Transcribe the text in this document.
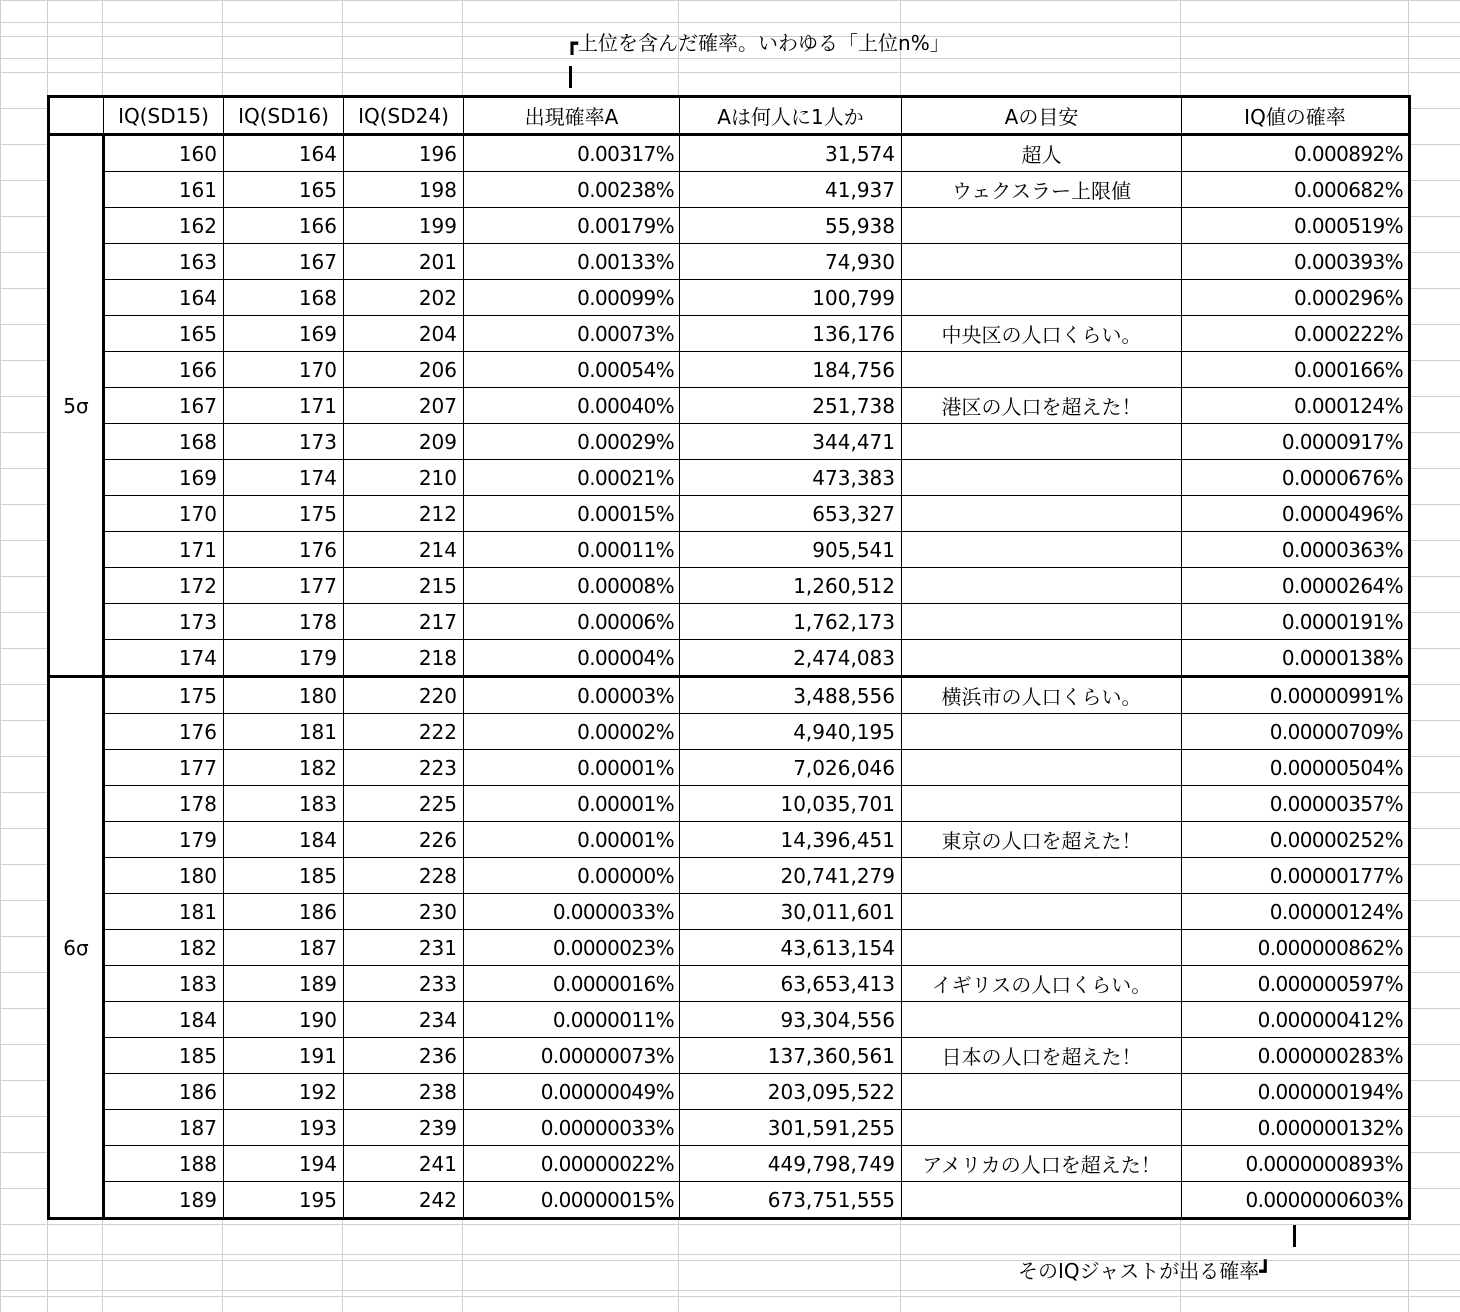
┏上位を含んだ確率。いわゆる「上位n%」
そのIQジャストが出る確率┛
	IQ(SD15)	IQ(SD16)	IQ(SD24)	出現確率A	Aは何人に1人か	Aの目安	IQ値の確率
5σ	160	164	196	0.00317%	31,574	超人	0.000892%
	161	165	198	0.00238%	41,937	ウェクスラー上限値	0.000682%
	162	166	199	0.00179%	55,938		0.000519%
	163	167	201	0.00133%	74,930		0.000393%
	164	168	202	0.00099%	100,799		0.000296%
	165	169	204	0.00073%	136,176	中央区の人口くらい。	0.000222%
	166	170	206	0.00054%	184,756		0.000166%
	167	171	207	0.00040%	251,738	港区の人口を超えた！	0.000124%
	168	173	209	0.00029%	344,471		0.0000917%
	169	174	210	0.00021%	473,383		0.0000676%
	170	175	212	0.00015%	653,327		0.0000496%
	171	176	214	0.00011%	905,541		0.0000363%
	172	177	215	0.00008%	1,260,512		0.0000264%
	173	178	217	0.00006%	1,762,173		0.0000191%
	174	179	218	0.00004%	2,474,083		0.0000138%
6σ	175	180	220	0.00003%	3,488,556	横浜市の人口くらい。	0.00000991%
	176	181	222	0.00002%	4,940,195		0.00000709%
	177	182	223	0.00001%	7,026,046		0.00000504%
	178	183	225	0.00001%	10,035,701		0.00000357%
	179	184	226	0.00001%	14,396,451	東京の人口を超えた！	0.00000252%
	180	185	228	0.00000%	20,741,279		0.00000177%
	181	186	230	0.0000033%	30,011,601		0.00000124%
	182	187	231	0.0000023%	43,613,154		0.000000862%
	183	189	233	0.0000016%	63,653,413	イギリスの人口くらい。	0.000000597%
	184	190	234	0.0000011%	93,304,556		0.000000412%
	185	191	236	0.00000073%	137,360,561	日本の人口を超えた！	0.000000283%
	186	192	238	0.00000049%	203,095,522		0.000000194%
	187	193	239	0.00000033%	301,591,255		0.000000132%
	188	194	241	0.00000022%	449,798,749	アメリカの人口を超えた！	0.0000000893%
	189	195	242	0.00000015%	673,751,555		0.0000000603%
